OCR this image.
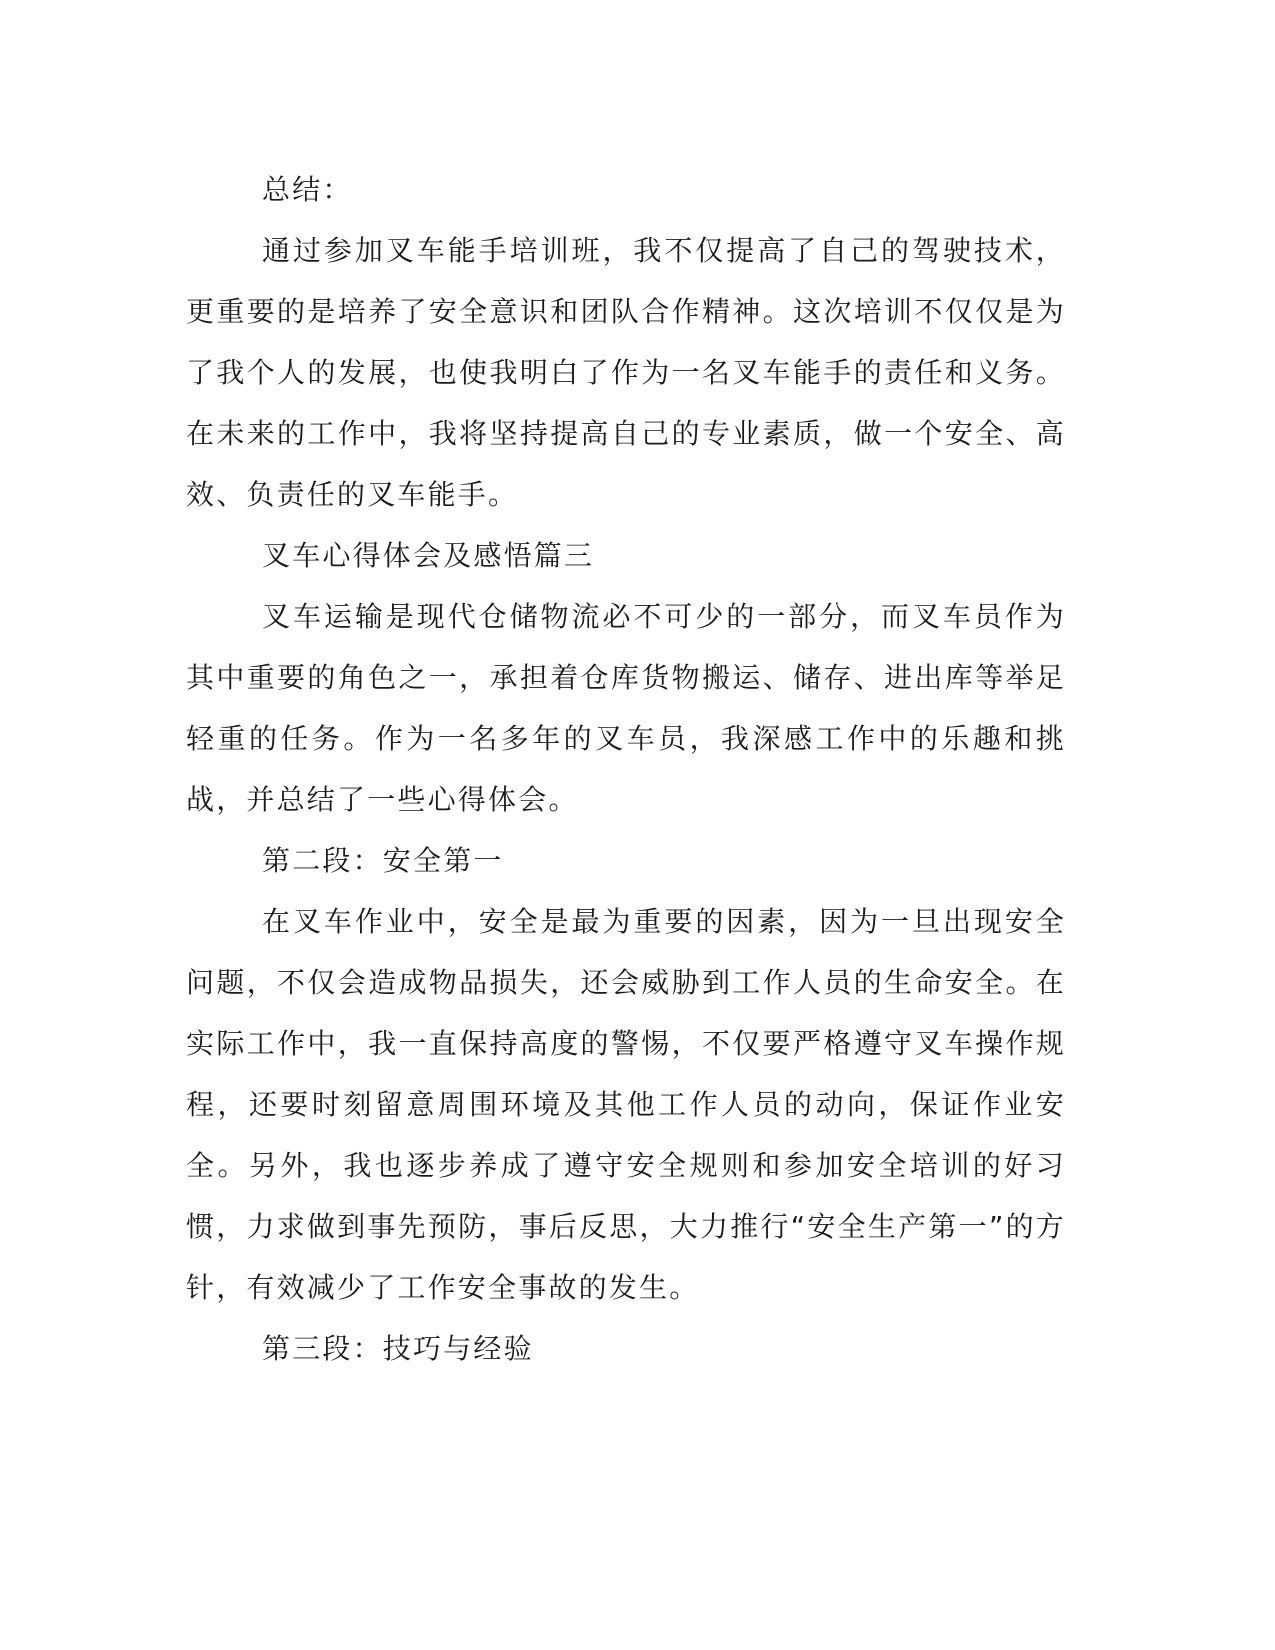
总结：

通过参加叉车能手培训班，我不仅提高了自己的驾驶技术，更重要的是培养了安全意识和团队合作精神。这次培训不仅仅是为了我个人的发展，也使我明白了作为一名叉车能手的责任和义务。在未来的工作中，我将坚持提高自己的专业素质，做一个安全、高效、负责任的叉车能手。

叉车心得体会及感悟篇三

叉车运输是现代仓储物流必不可少的一部分，而叉车员作为其中重要的角色之一，承担着仓库货物搬运、储存、进出库等举足轻重的任务。作为一名多年的叉车员，我深感工作中的乐趣和挑战，并总结了一些心得体会。

第二段：安全第一

在叉车作业中，安全是最为重要的因素，因为一旦出现安全问题，不仅会造成物品损失，还会威胁到工作人员的生命安全。在实际工作中，我一直保持高度的警惕，不仅要严格遵守叉车操作规程，还要时刻留意周围环境及其他工作人员的动向，保证作业安全。另外，我也逐步养成了遵守安全规则和参加安全培训的好习惯，力求做到事先预防，事后反思，大力推行“安全生产第一”的方针，有效减少了工作安全事故的发生。

第三段：技巧与经验
